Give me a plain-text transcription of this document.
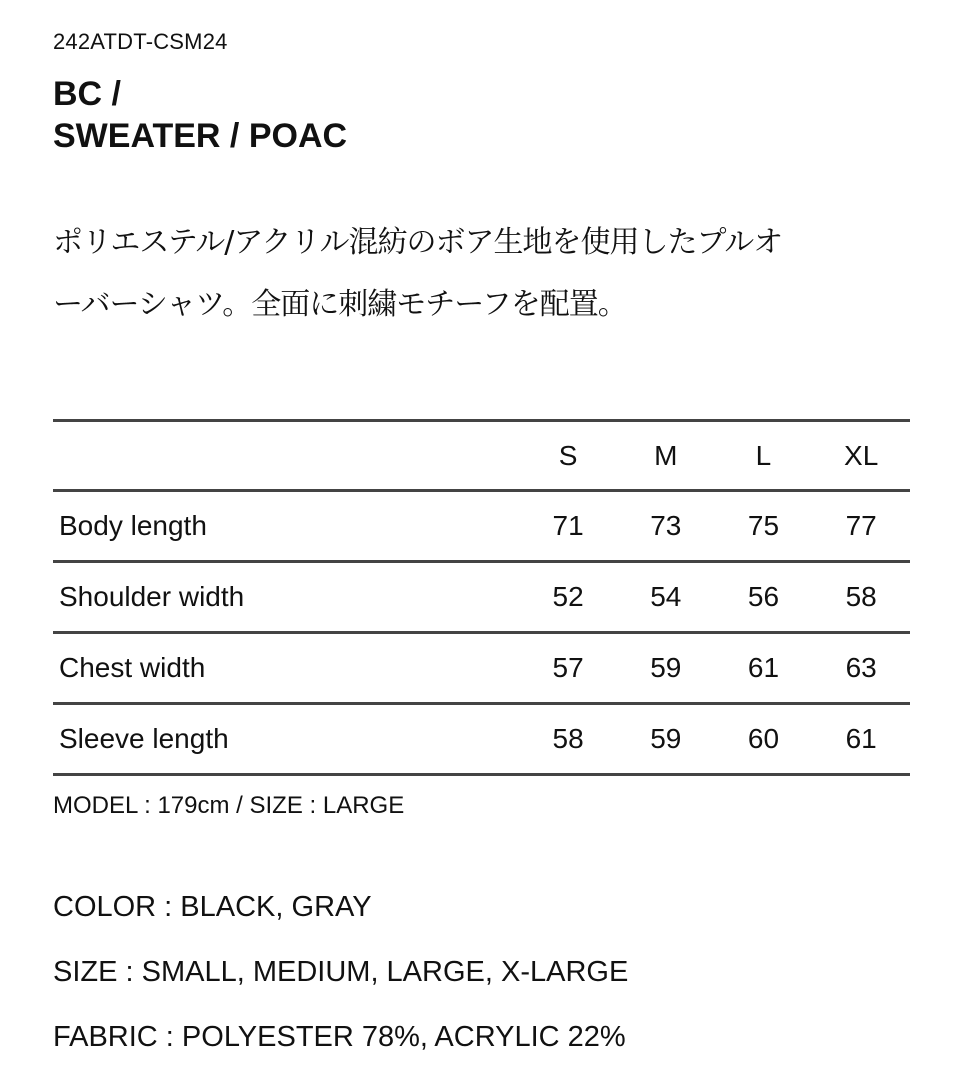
242ATDT-CSM24
BC /
SWEATER / POAC
ポリエステル/アクリル混紡のボア生地を使用したプルオ
ーバーシャツ。全面に刺繍モチーフを配置。
	S	M	L	XL
Body length	71	73	75	77
Shoulder width	52	54	56	58
Chest width	57	59	61	63
Sleeve length	58	59	60	61
MODEL : 179cm / SIZE : LARGE
COLOR : BLACK, GRAY
SIZE : SMALL, MEDIUM, LARGE, X-LARGE
FABRIC : POLYESTER 78%, ACRYLIC 22%
